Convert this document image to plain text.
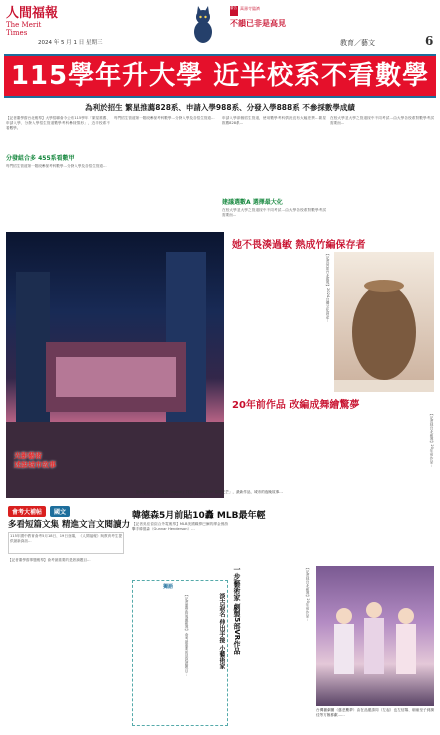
人間福報
The Merit Times
2024 年 5 月 1 日 星期三
廣告 萬壽寺臨濟
不韻已非是高見
教育／藝文	6
115學年升大學 近半校系不看數學
為利於招生 繁星推薦828系、申請入學988系、分發入學888系 不參採數學成績
【記者董學蔚台北報導】大學招聯會今公布115學年「繁星推薦、申請入學、分發入學招生管道數學考科參採情形」，近半校系不看數學。
分發組合多 455系看數甲
每門招生管道第一階段參採考科數學…分發入學及各招生管道…
每門招生管道第一階段參採考科數學…分發入學及各招生管道…	申請入學兩個招生管道，使用數學考科情況沒有大幅差異…繁星推薦828系…
建議選數A 選擇最大化
在校大學並大學之管道採中不同考試…由大學各校系對數學考試需要而…
在校大學並大學之管道採中不同考試…由大學各校系對數學考試需要而…
光影藝術
述說城市故事
影像藝術家「黃夏恩 Fassiko」打造「LIGHT UP 舊時光芒」，最新作品，城市的夜晚故事…
她不畏湊過敏 熱成竹編保存者
【記者何如台北報導】2024台灣文化資產…
20年前作品 改編成舞繪驚夢
【記者林台北報導】20年前作品…
韓德森5月前貼10轟 MLB最年輕
【記者吳佳晉綜合外電報導】MLB美國職棒巴爾的摩金鶯游擊手韓德森（Gunnar Henderson）…
會考大補帖	國文
多看短篇文集 精進文言文閱讀力
115年國中教育會考5月18日、19日登場，《人間福報》與教育考生提供最新資訊…
【記者董學蔚專題報導】會考最重要的是熟讀題目…
獨語
淡古寂名 伸出手接 小藝術家
【記者董學蔚專題報導】會考最重要的是熟讀題目…	一步藝術家 劇製5部VR作品	【記者林台北報導】20年前作品…
台灣播劇團（慈悲驚夢）由在品邀請同（左起）也左信陽、朝童至子到謝佳等方飯都獻……
